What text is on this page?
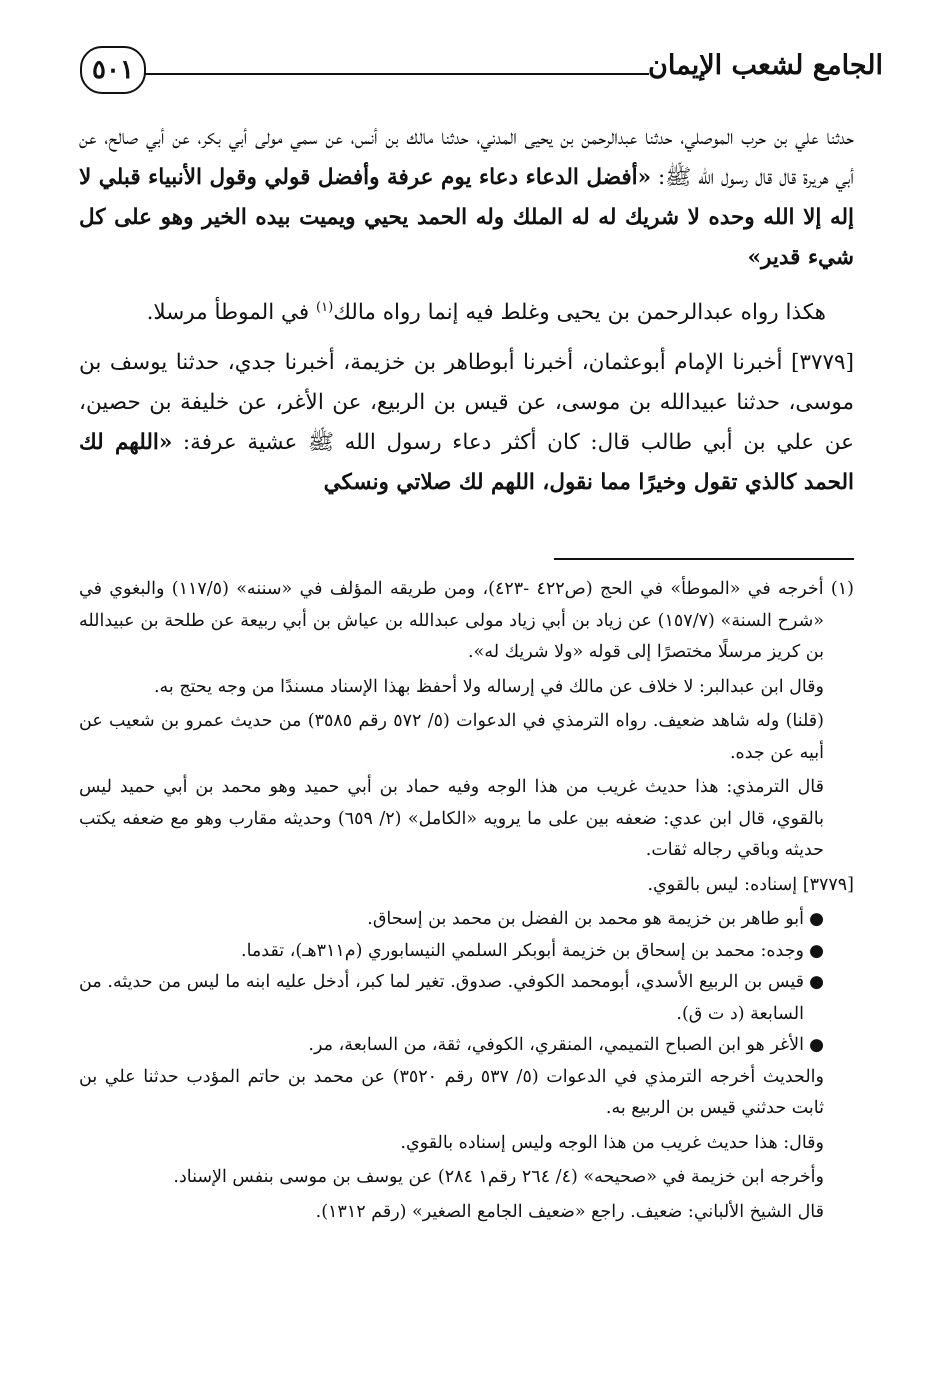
الجامع لشعب الإيمان
٥٠١

حدثنا علي بن حرب الموصلي، حدثنا عبدالرحمن بن يحيى المدني، حدثنا مالك بن أنس، عن سمي مولى أبي بكر، عن أبي صالح، عن أبي هريرة قال قال رسول الله ﷺ: «أفضل الدعاء دعاء يوم عرفة وأفضل قولي وقول الأنبياء قبلي لا إله إلا الله وحده لا شريك له له الملك وله الحمد يحيي ويميت بيده الخير وهو على كل شيء قدير»

هكذا رواه عبدالرحمن بن يحيى وغلط فيه إنما رواه مالك$^{(١)}$ في الموطأ مرسلا.

[٣٧٧٩] أخبرنا الإمام أبوعثمان، أخبرنا أبوطاهر بن خزيمة، أخبرنا جدي، حدثنا يوسف بن موسى، حدثنا عبيدالله بن موسى، عن قيس بن الربيع، عن الأغر، عن خليفة بن حصين، عن علي بن أبي طالب قال: كان أكثر دعاء رسول الله ﷺ عشية عرفة: «اللهم لك الحمد كالذي تقول وخيرًا مما نقول، اللهم لك صلاتي ونسكي

(١) أخرجه في «الموطأ» في الحج (ص٤٢٢ -٤٢٣)، ومن طريقه المؤلف في «سننه» (١١٧/٥) والبغوي في «شرح السنة» (١٥٧/٧) عن زياد بن أبي زياد مولى عبدالله بن عياش بن أبي ربيعة عن طلحة بن عبيدالله بن كريز مرسلًا مختصرًا إلى قوله «ولا شريك له».

وقال ابن عبدالبر: لا خلاف عن مالك في إرساله ولا أحفظ بهذا الإسناد مسندًا من وجه يحتج به.

(قلنا) وله شاهد ضعيف. رواه الترمذي في الدعوات (٥/ ٥٧٢ رقم ٣٥٨٥) من حديث عمرو بن شعيب عن أبيه عن جده.

قال الترمذي: هذا حديث غريب من هذا الوجه وفيه حماد بن أبي حميد وهو محمد بن أبي حميد ليس بالقوي، قال ابن عدي: ضعفه بين على ما يرويه «الكامل» (٢/ ٦٥٩) وحديثه مقارب وهو مع ضعفه يكتب حديثه وباقي رجاله ثقات.

[٣٧٧٩] إسناده: ليس بالقوي.

●
أبو طاهر بن خزيمة هو محمد بن الفضل بن محمد بن إسحاق.
●
وجده: محمد بن إسحاق بن خزيمة أبوبكر السلمي النيسابوري (م٣١١هـ)، تقدما.
●
قيس بن الربيع الأسدي، أبومحمد الكوفي. صدوق. تغير لما كبر، أدخل عليه ابنه ما ليس من حديثه. من السابعة (د ت ق).
●
الأغر هو ابن الصباح التميمي، المنقري، الكوفي، ثقة، من السابعة، مر.

والحديث أخرجه الترمذي في الدعوات (٥/ ٥٣٧ رقم ٣٥٢٠) عن محمد بن حاتم المؤدب حدثنا علي بن ثابت حدثني قيس بن الربيع به.

وقال: هذا حديث غريب من هذا الوجه وليس إسناده بالقوي.

وأخرجه ابن خزيمة في «صحيحه» (٤/ ٢٦٤ رقم١ ٢٨٤) عن يوسف بن موسى بنفس الإسناد.

قال الشيخ الألباني: ضعيف. راجع «ضعيف الجامع الصغير» (رقم ١٣١٢).
